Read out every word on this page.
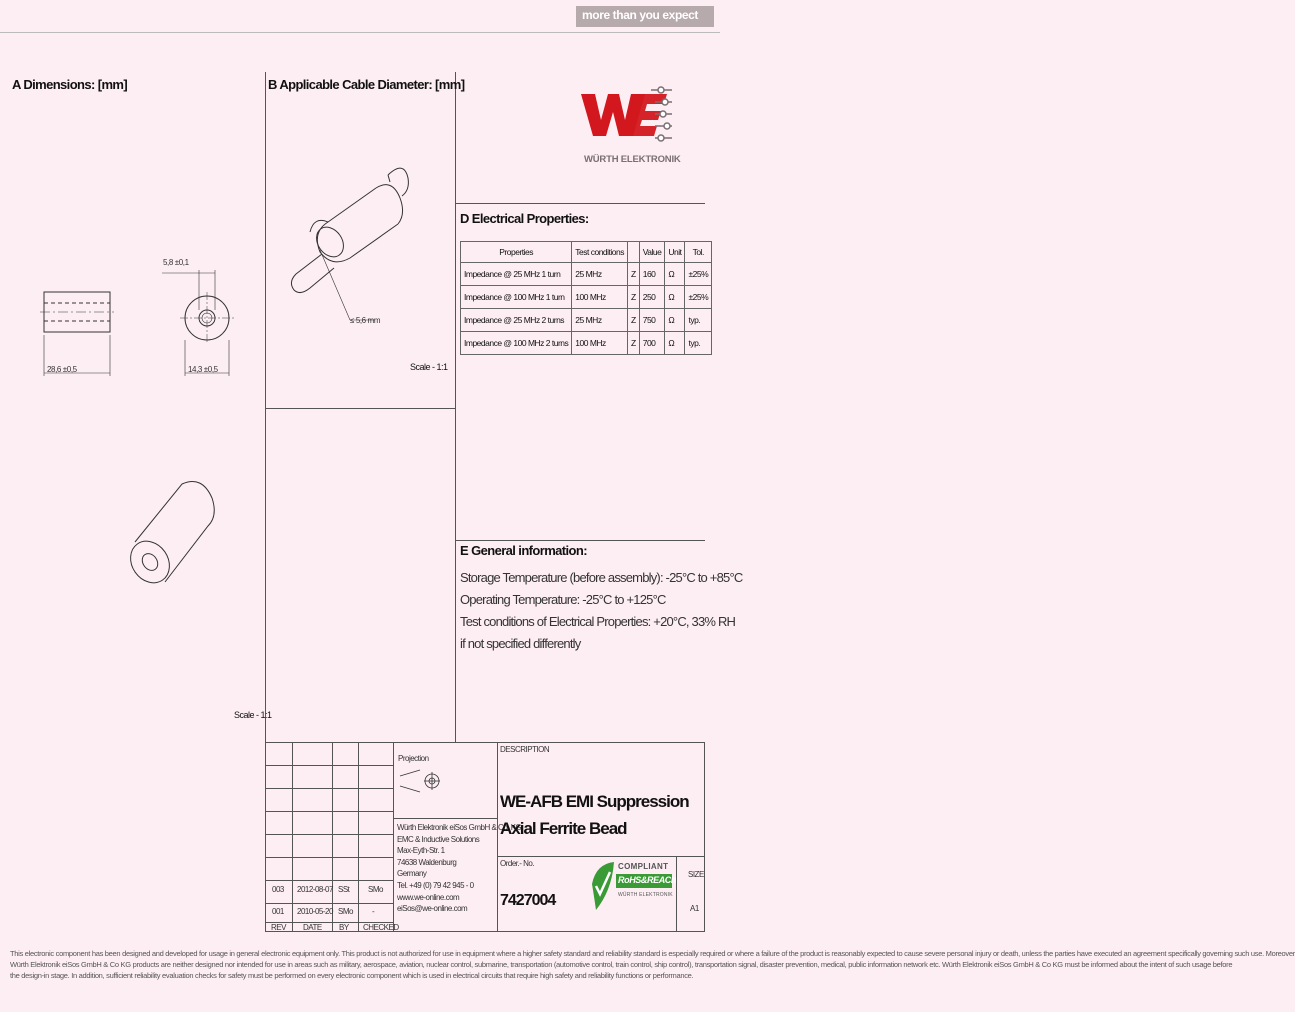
more than you expect
A Dimensions: [mm]	B Applicable Cable Diameter: [mm]
D Electrical Properties:
E General information:
5,8 ±0,1
28,6 ±0,5	14,3 ±0,5
Scale - 1:1
≤ 5,6 mm
Scale - 1:1
WÜRTH ELEKTRONIK
Properties	Test conditions		Value	Unit	Tol.
Impedance @ 25 MHz 1 turn	25 MHz	Z	160	Ω	±25%
Impedance @ 100 MHz 1 turn	100 MHz	Z	250	Ω	±25%
Impedance @ 25 MHz 2 turns	25 MHz	Z	750	Ω	typ.
Impedance @ 100 MHz 2 turns	100 MHz	Z	700	Ω	typ.
Storage Temperature (before assembly): -25°C to +85°C
Operating Temperature: -25°C to +125°C
Test conditions of Electrical Properties: +20°C, 33% RH
if not specified differently
003 2012-08-07 SSt SMo
001 2010-05-20 SMo -
REV DATE BY CHECKED
Projection
Würth Elektronik eiSos GmbH & Co. KG
EMC & Inductive Solutions
Max-Eyth-Str. 1
74638 Waldenburg
Germany
Tel. +49 (0) 79 42 945 - 0
www.we-online.com
eiSos@we-online.com
DESCRIPTION
WE-AFB EMI Suppression Axial Ferrite Bead
Order.- No.
7427004
COMPLIANT
RoHS&REACh
WÜRTH ELEKTRONIK
SIZE
A1
This electronic component has been designed and developed for usage in general electronic equipment only. This product is not authorized for use in equipment where a higher safety standard and reliability standard is especially required or where a failure of the product is reasonably expected to cause severe personal injury or death, unless the parties have executed an agreement specifically governing such use. Moreover
Würth Elektronik eiSos GmbH & Co KG products are neither designed nor intended for use in areas such as military, aerospace, aviation, nuclear control, submarine, transportation (automotive control, train control, ship control), transportation signal, disaster prevention, medical, public information network etc. Würth Elektronik eiSos GmbH & Co KG must be informed about the intent of such usage before
the design-in stage. In addition, sufficient reliability evaluation checks for safety must be performed on every electronic component which is used in electrical circuits that require high safety and reliability functions or performance.
